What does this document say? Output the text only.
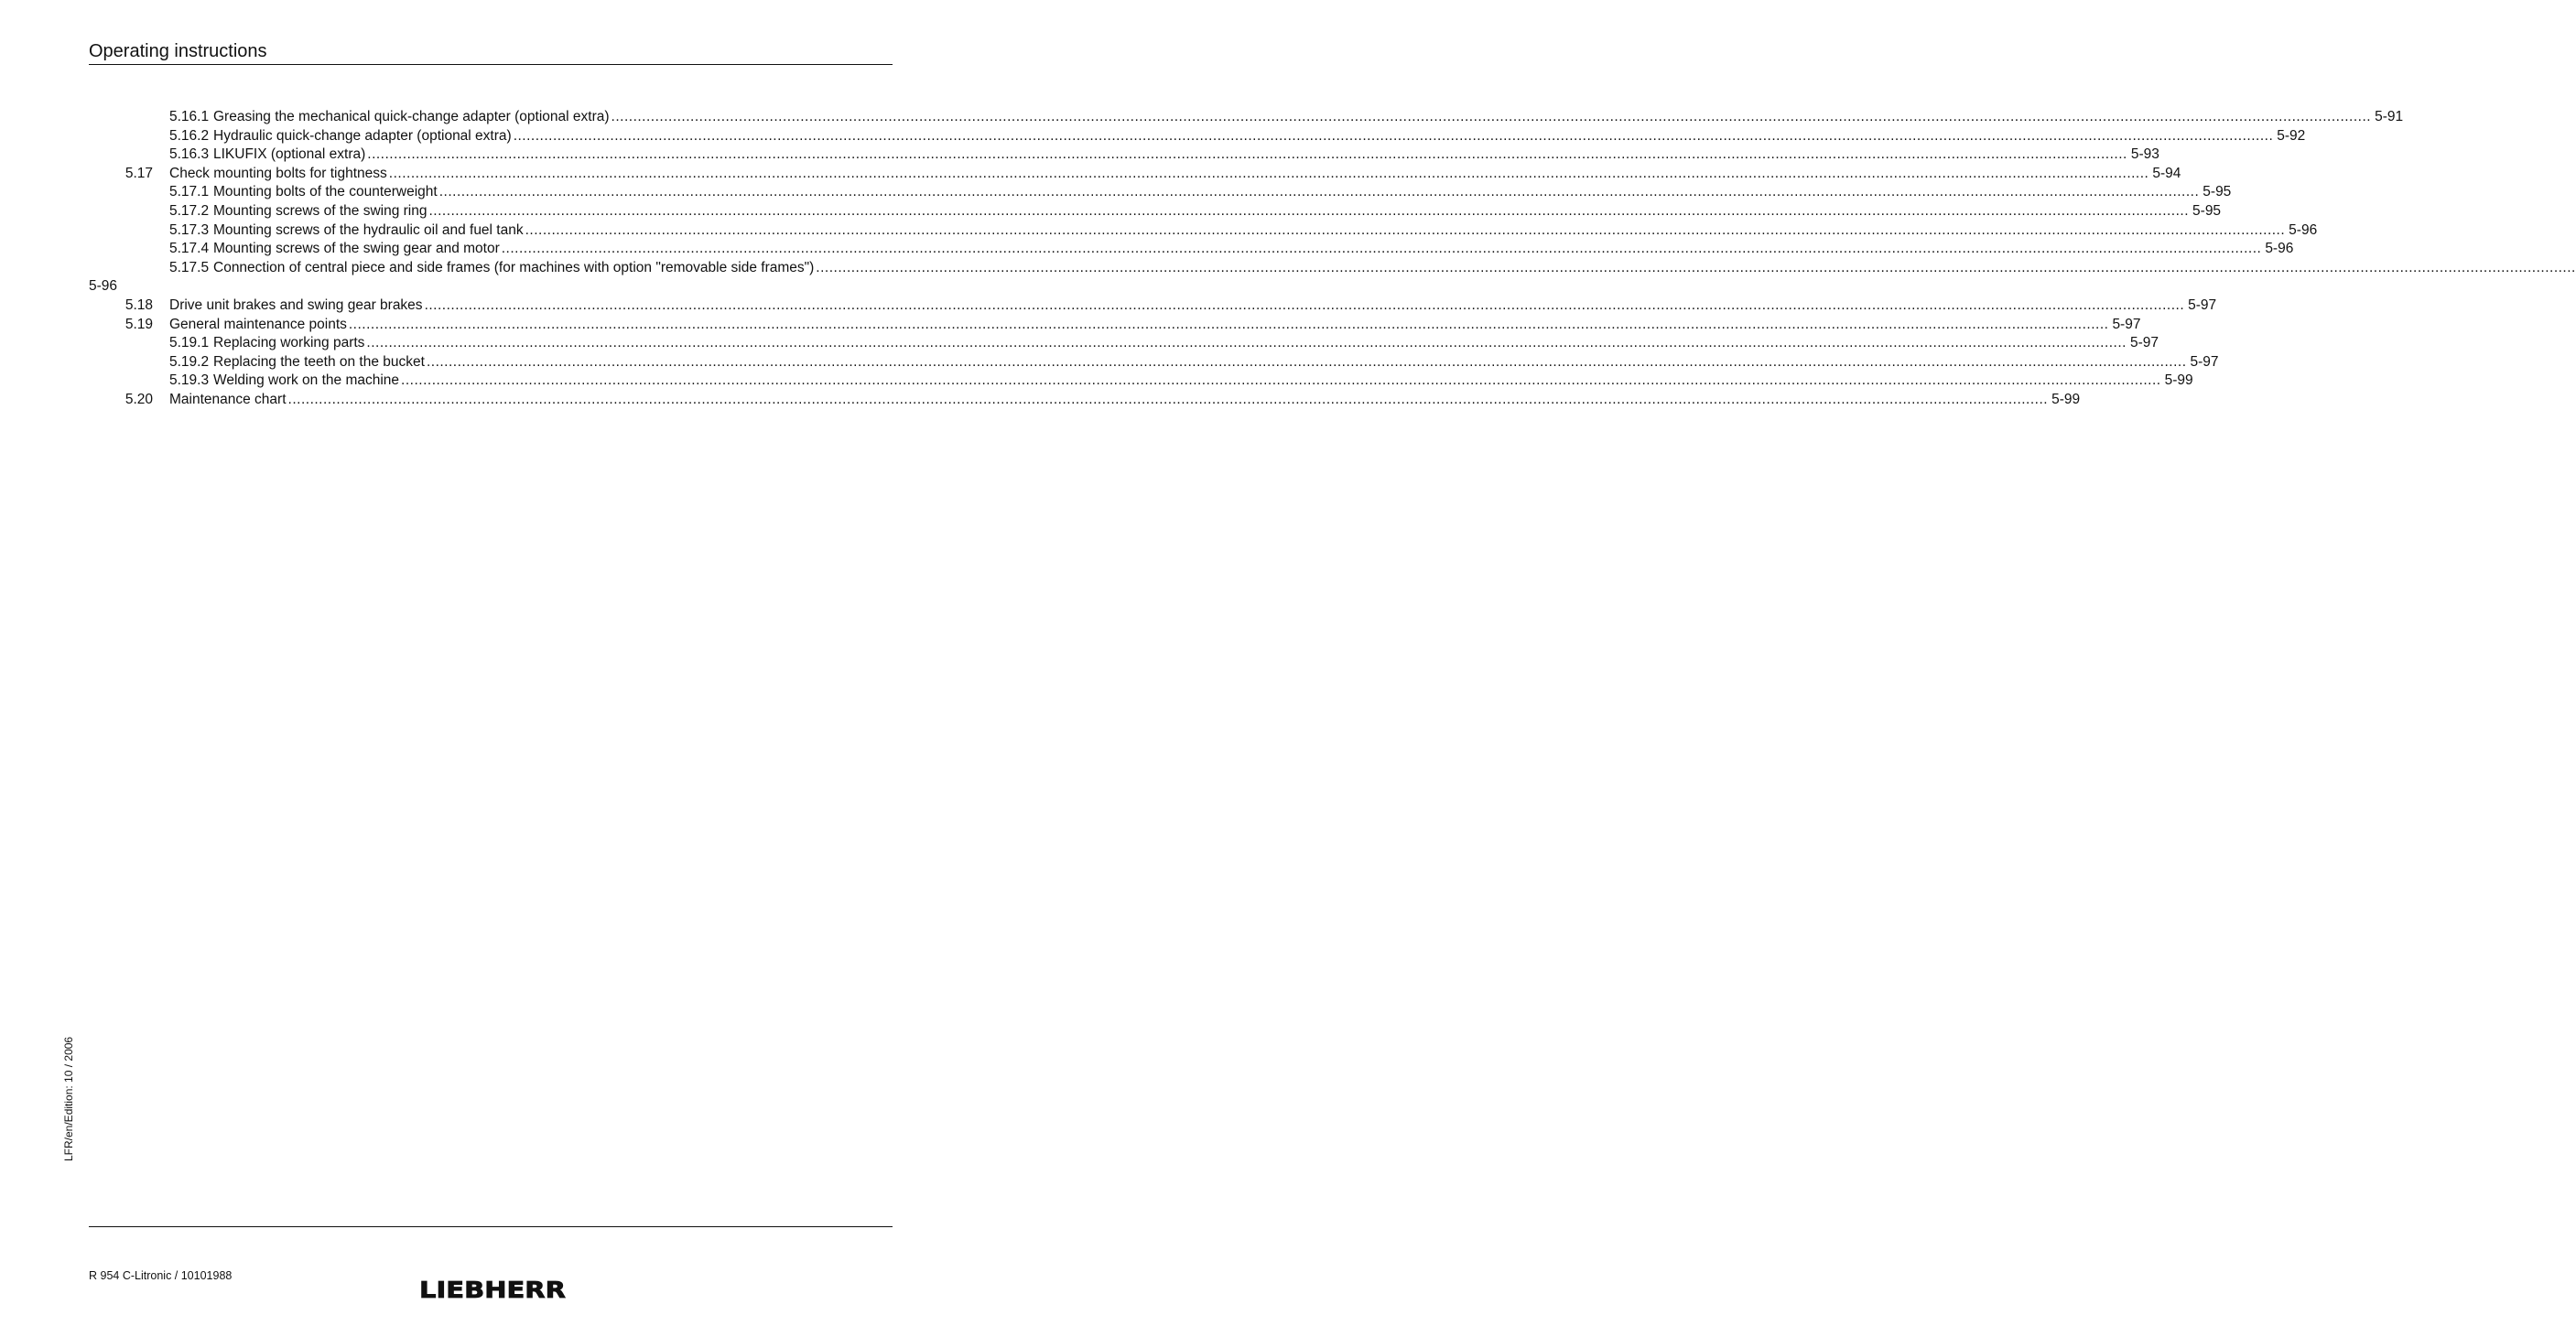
Operating instructions
5.16.1 Greasing the mechanical quick-change adapter (optional extra) ................................................................................................................................................................................................................................................................................................................................................................................................................ 5-91
5.16.2 Hydraulic quick-change adapter (optional extra) ................................................................................................................................................................................................................................................................................................................................................................................................................ 5-92
5.16.3 LIKUFIX (optional extra) ................................................................................................................................................................................................................................................................................................................................................................................................................ 5-93
5.17 Check mounting bolts for tightness ................................................................................................................................................................................................................................................................................................................................................................................................................ 5-94
5.17.1 Mounting bolts of the counterweight ................................................................................................................................................................................................................................................................................................................................................................................................................ 5-95
5.17.2 Mounting screws of the swing ring ................................................................................................................................................................................................................................................................................................................................................................................................................ 5-95
5.17.3 Mounting screws of the hydraulic oil and fuel tank ................................................................................................................................................................................................................................................................................................................................................................................................................ 5-96
5.17.4 Mounting screws of the swing gear and motor ................................................................................................................................................................................................................................................................................................................................................................................................................ 5-96
5.17.5 Connection of central piece and side frames (for machines with option "removable side frames") ................................................................................................................................................................................................................................................................................................................................................................................................................
5-96
5.18 Drive unit brakes and swing gear brakes ................................................................................................................................................................................................................................................................................................................................................................................................................ 5-97
5.19 General maintenance points ................................................................................................................................................................................................................................................................................................................................................................................................................ 5-97
5.19.1 Replacing working parts ................................................................................................................................................................................................................................................................................................................................................................................................................ 5-97
5.19.2 Replacing the teeth on the bucket ................................................................................................................................................................................................................................................................................................................................................................................................................ 5-97
5.19.3 Welding work on the machine ................................................................................................................................................................................................................................................................................................................................................................................................................ 5-99
5.20 Maintenance chart ................................................................................................................................................................................................................................................................................................................................................................................................................ 5-99
LFR/en/Edition: 10 / 2006
R 954 C-Litronic / 10101988
LIEBHERR
